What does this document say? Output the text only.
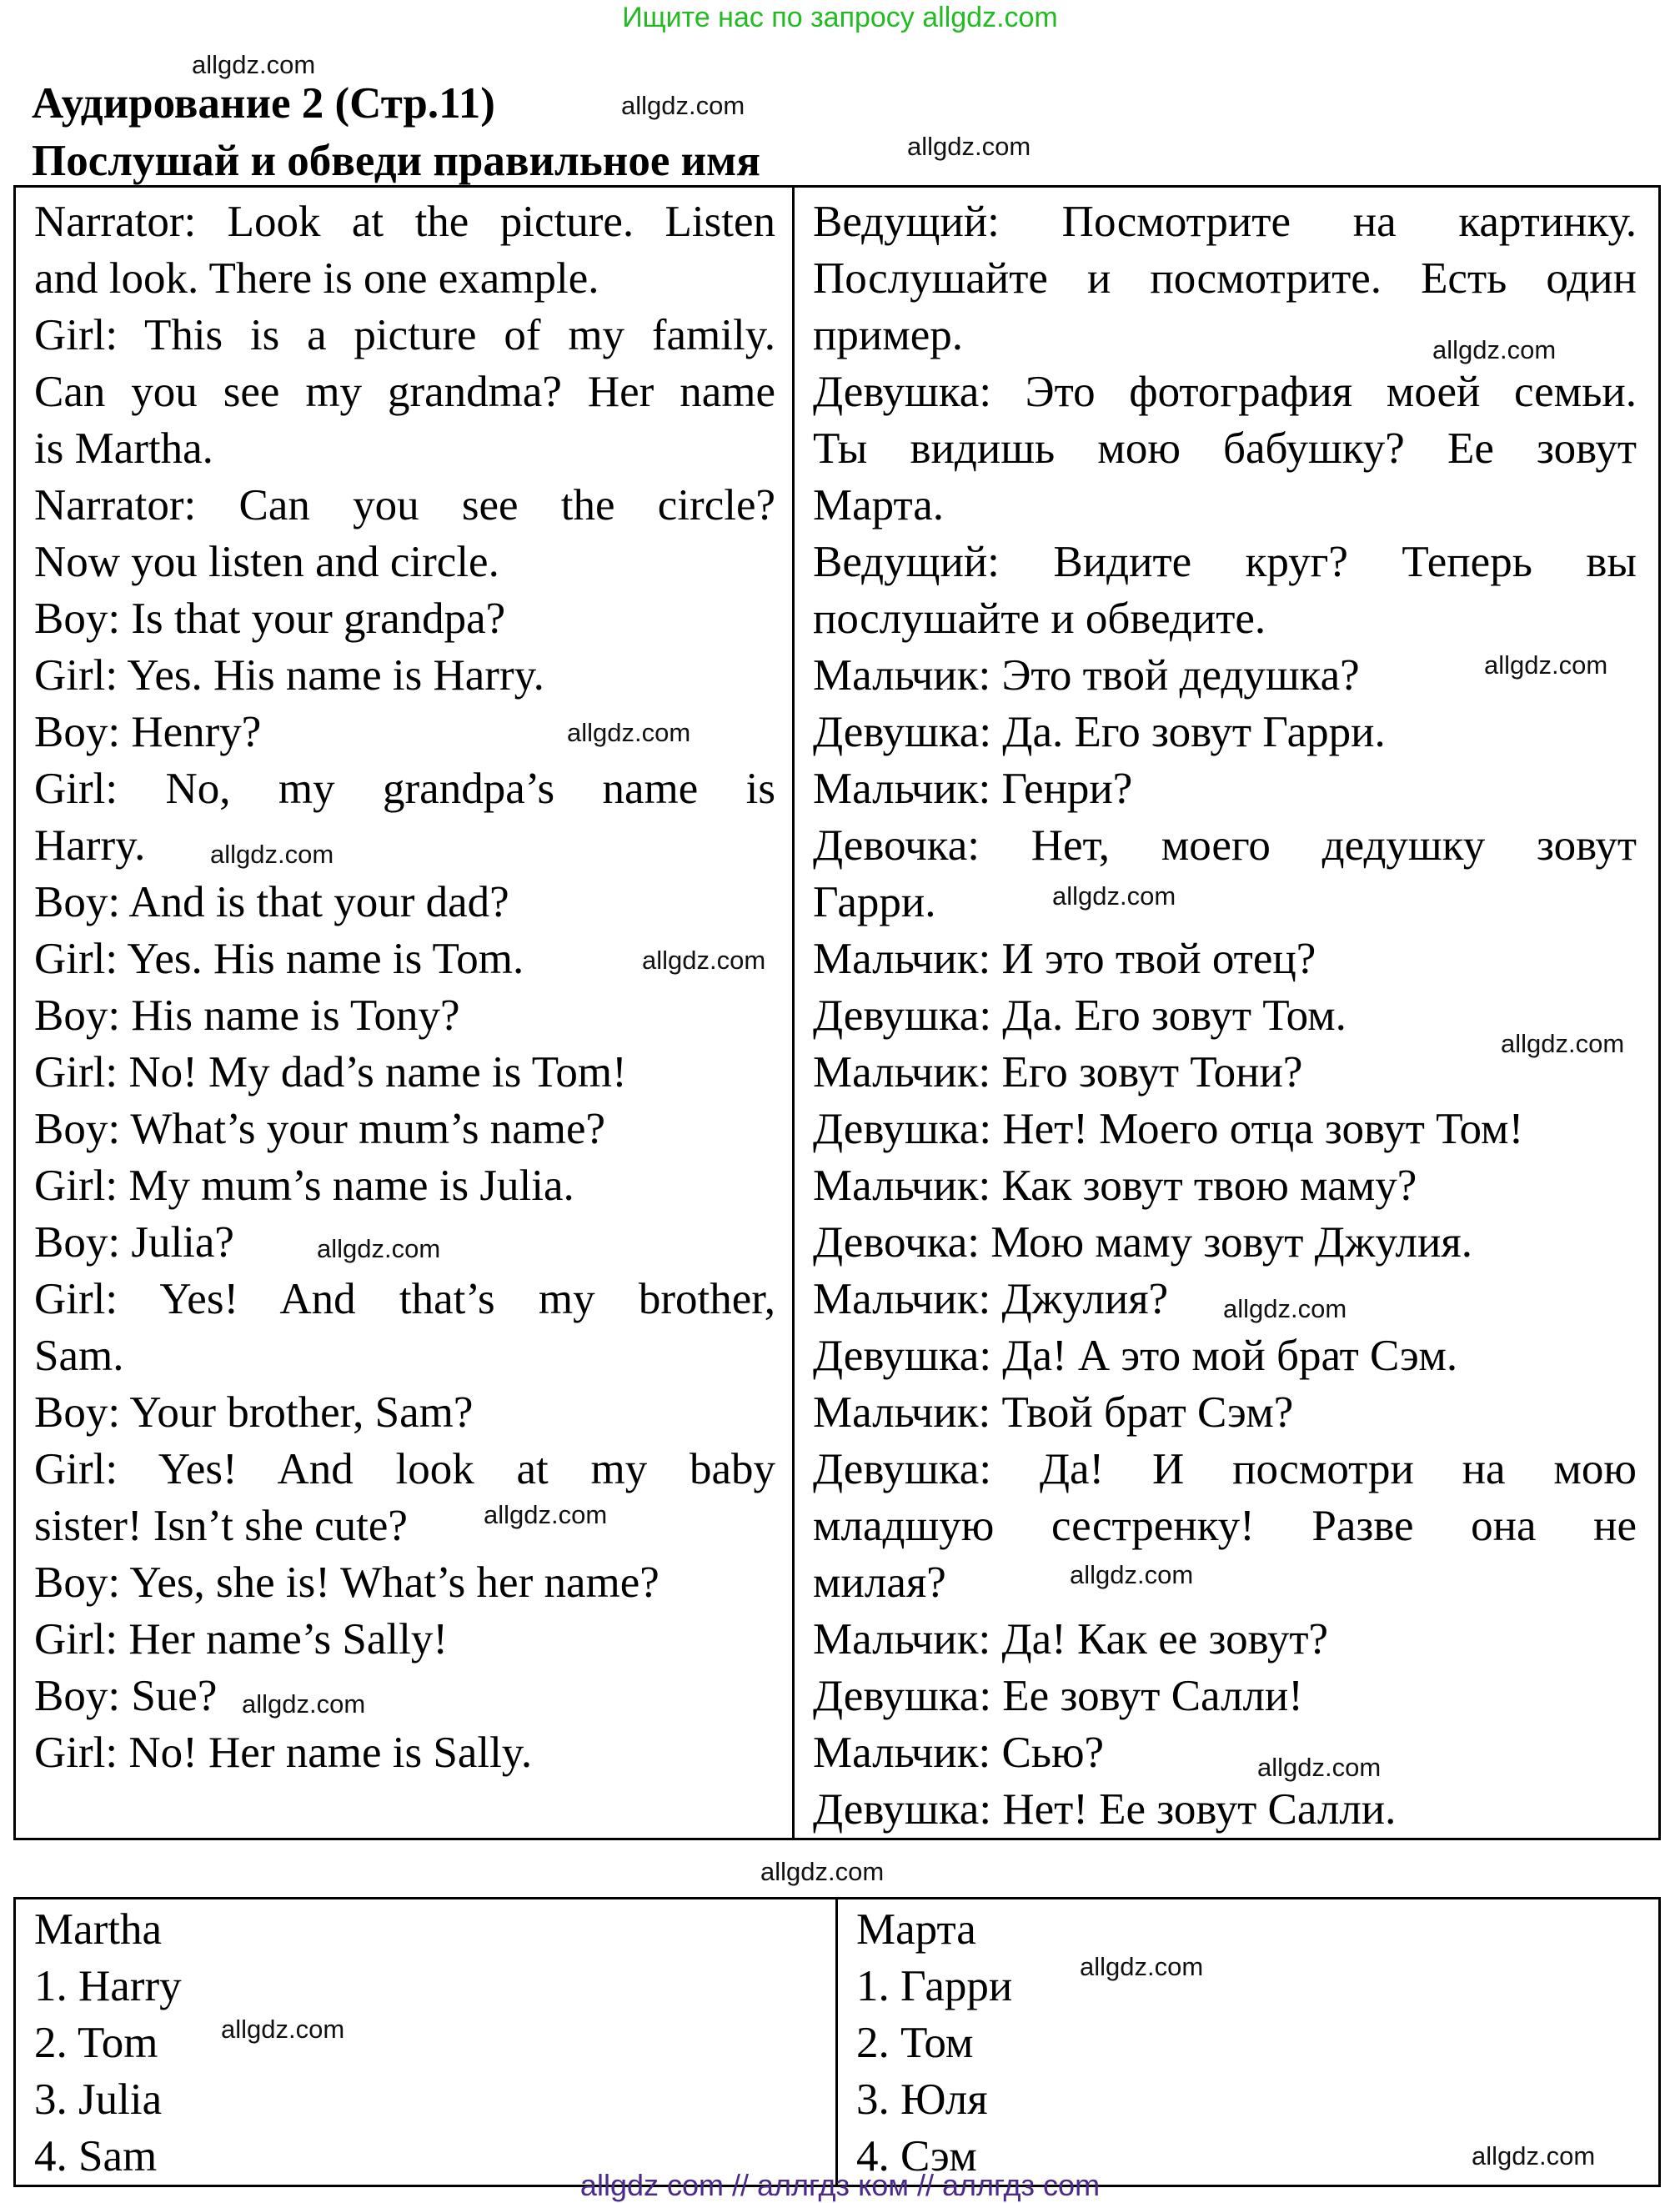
Ищите нас по запросу allgdz.com
Аудирование 2 (Стр.11)
Послушай и обведи правильное имя
Narrator: Look at the picture. Listen
and look. There is one example.
Girl: This is a picture of my family.
Can you see my grandma? Her name
is Martha.
Narrator: Can you see the circle?
Now you listen and circle.
Boy: Is that your grandpa?
Girl: Yes. His name is Harry.
Boy: Henry?
Girl: No, my grandpa’s name is
Harry.
Boy: And is that your dad?
Girl: Yes. His name is Tom.
Boy: His name is Tony?
Girl: No! My dad’s name is Tom!
Boy: What’s your mum’s name?
Girl: My mum’s name is Julia.
Boy: Julia?
Girl: Yes! And that’s my brother,
Sam.
Boy: Your brother, Sam?
Girl: Yes! And look at my baby
sister! Isn’t she cute?
Boy: Yes, she is! What’s her name?
Girl: Her name’s Sally!
Boy: Sue?
Girl: No! Her name is Sally.

Ведущий: Посмотрите на картинку.
Послушайте и посмотрите. Есть один
пример.
Девушка: Это фотография моей семьи.
Ты видишь мою бабушку? Ее зовут
Марта.
Ведущий: Видите круг? Теперь вы
послушайте и обведите.
Мальчик: Это твой дедушка?
Девушка: Да. Его зовут Гарри.
Мальчик: Генри?
Девочка: Нет, моего дедушку зовут
Гарри.
Мальчик: И это твой отец?
Девушка: Да. Его зовут Том.
Мальчик: Его зовут Тони?
Девушка: Нет! Моего отца зовут Том!
Мальчик: Как зовут твою маму?
Девочка: Мою маму зовут Джулия.
Мальчик: Джулия?
Девушка: Да! А это мой брат Сэм.
Мальчик: Твой брат Сэм?
Девушка: Да! И посмотри на мою
младшую сестренку! Разве она не
милая?
Мальчик: Да! Как ее зовут?
Девушка: Ее зовут Салли!
Мальчик: Сью?
Девушка: Нет! Ее зовут Салли.
Martha
1. Harry
2. Tom
3. Julia
4. Sam

Марта
1. Гарри
2. Том
3. Юля
4. Сэм
allgdz.com
allgdz.com
allgdz.com
allgdz.com
allgdz.com
allgdz.com
allgdz.com
allgdz.com
allgdz.com
allgdz.com
allgdz.com
allgdz.com
allgdz.com
allgdz.com
allgdz.com
allgdz.com
allgdz.com
allgdz.com
allgdz.com
allgdz.com
allgdz com // аллгдз ком // аллгдз com
